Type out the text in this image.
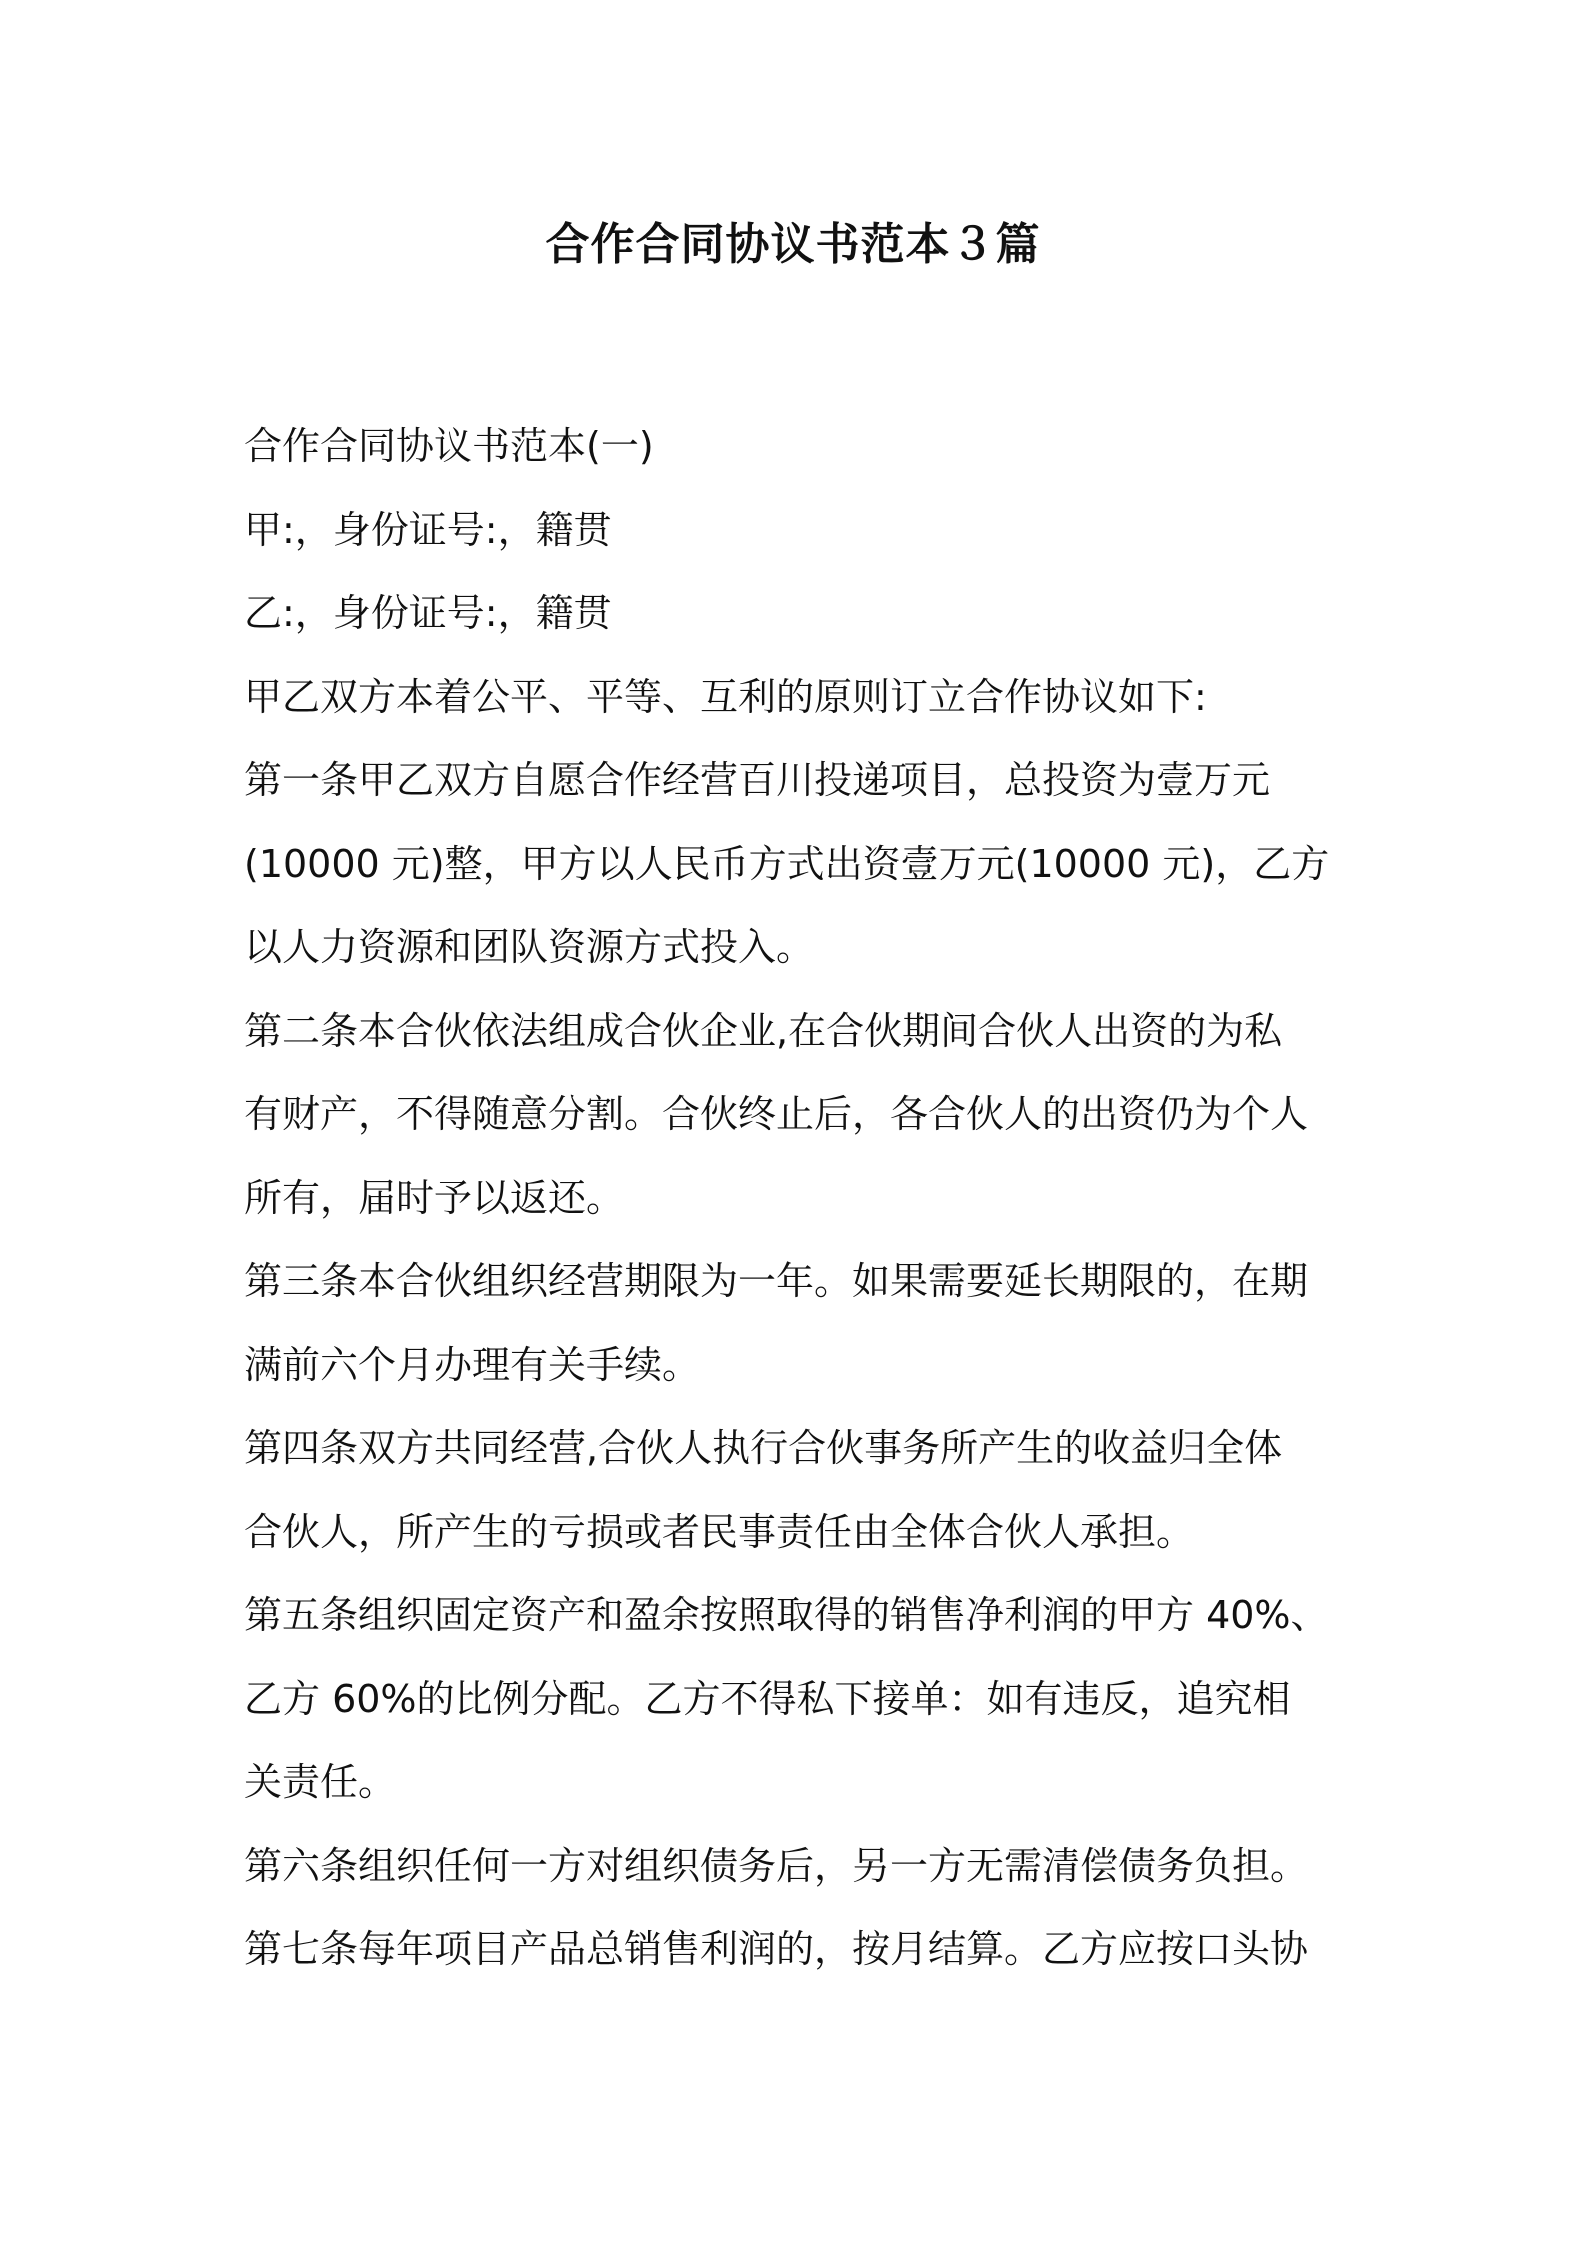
合作合同协议书范本３篇
合作合同协议书范本(一)
甲:，身份证号:，籍贯
乙:，身份证号:，籍贯
甲乙双方本着公平、平等、互利的原则订立合作协议如下:
第一条甲乙双方自愿合作经营百川投递项目，总投资为壹万元
(10000 元)整，甲方以人民币方式出资壹万元(10000 元)，乙方
以人力资源和团队资源方式投入。
第二条本合伙依法组成合伙企业,在合伙期间合伙人出资的为私
有财产，不得随意分割。合伙终止后，各合伙人的出资仍为个人
所有，届时予以返还。
第三条本合伙组织经营期限为一年。如果需要延长期限的，在期
满前六个月办理有关手续。
第四条双方共同经营,合伙人执行合伙事务所产生的收益归全体
合伙人，所产生的亏损或者民事责任由全体合伙人承担。
第五条组织固定资产和盈余按照取得的销售净利润的甲方 40%、
乙方 60%的比例分配。乙方不得私下接单：如有违反，追究相
关责任。
第六条组织任何一方对组织债务后，另一方无需清偿债务负担。
第七条每年项目产品总销售利润的，按月结算。乙方应按口头协
